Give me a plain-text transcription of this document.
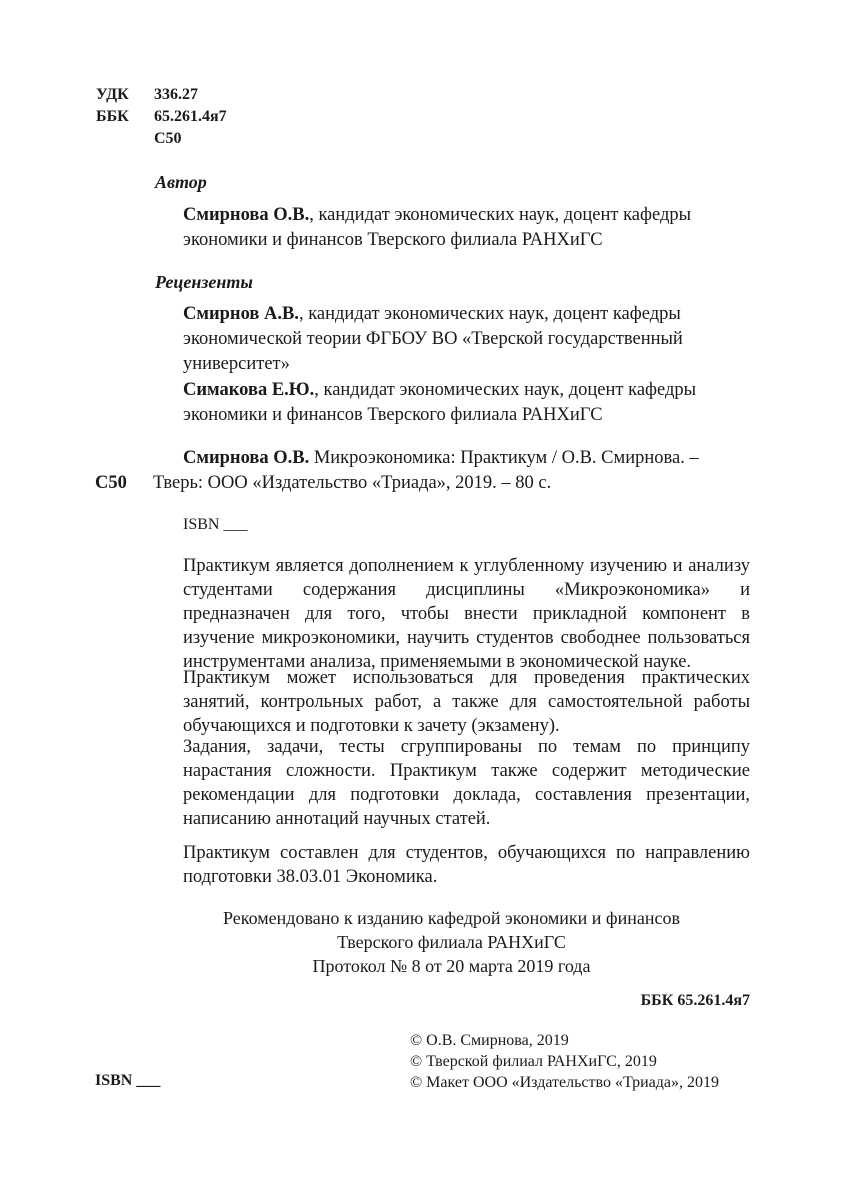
УДК 336.27
ББК 65.261.4я7
С50
Автор
Смирнова О.В., кандидат экономических наук, доцент кафедры
экономики и финансов Тверского филиала РАНХиГС
Рецензенты
Смирнов А.В., кандидат экономических наук, доцент кафедры
экономической теории ФГБОУ ВО «Тверской государственный
университет»
Симакова Е.Ю., кандидат экономических наук, доцент кафедры
экономики и финансов Тверского филиала РАНХиГС
Смирнова О.В. Микроэкономика: Практикум / О.В. Смирнова. –
С50 Тверь: ООО «Издательство «Триада», 2019. – 80 с.
ISBN ___
Практикум является дополнением к углубленному изучению и анализу студентами содержания дисциплины «Микроэкономика» и предназначен для того, чтобы внести прикладной компонент в изучение микроэкономики, научить студентов свободнее пользоваться инструментами анализа, применяемыми в экономической науке.
Практикум может использоваться для проведения практических занятий, контрольных работ, а также для самостоятельной работы обучающихся и подготовки к зачету (экзамену).
Задания, задачи, тесты сгруппированы по темам по принципу нарастания сложности. Практикум также содержит методические рекомендации для подготовки доклада, составления презентации, написанию аннотаций научных статей.
Практикум составлен для студентов, обучающихся по направлению подготовки 38.03.01 Экономика.
Рекомендовано к изданию кафедрой экономики и финансов
Тверского филиала РАНХиГС
Протокол № 8 от 20 марта 2019 года
ББК 65.261.4я7
© О.В. Смирнова, 2019
© Тверской филиал РАНХиГС, 2019
© Макет ООО «Издательство «Триада», 2019
ISBN ___
